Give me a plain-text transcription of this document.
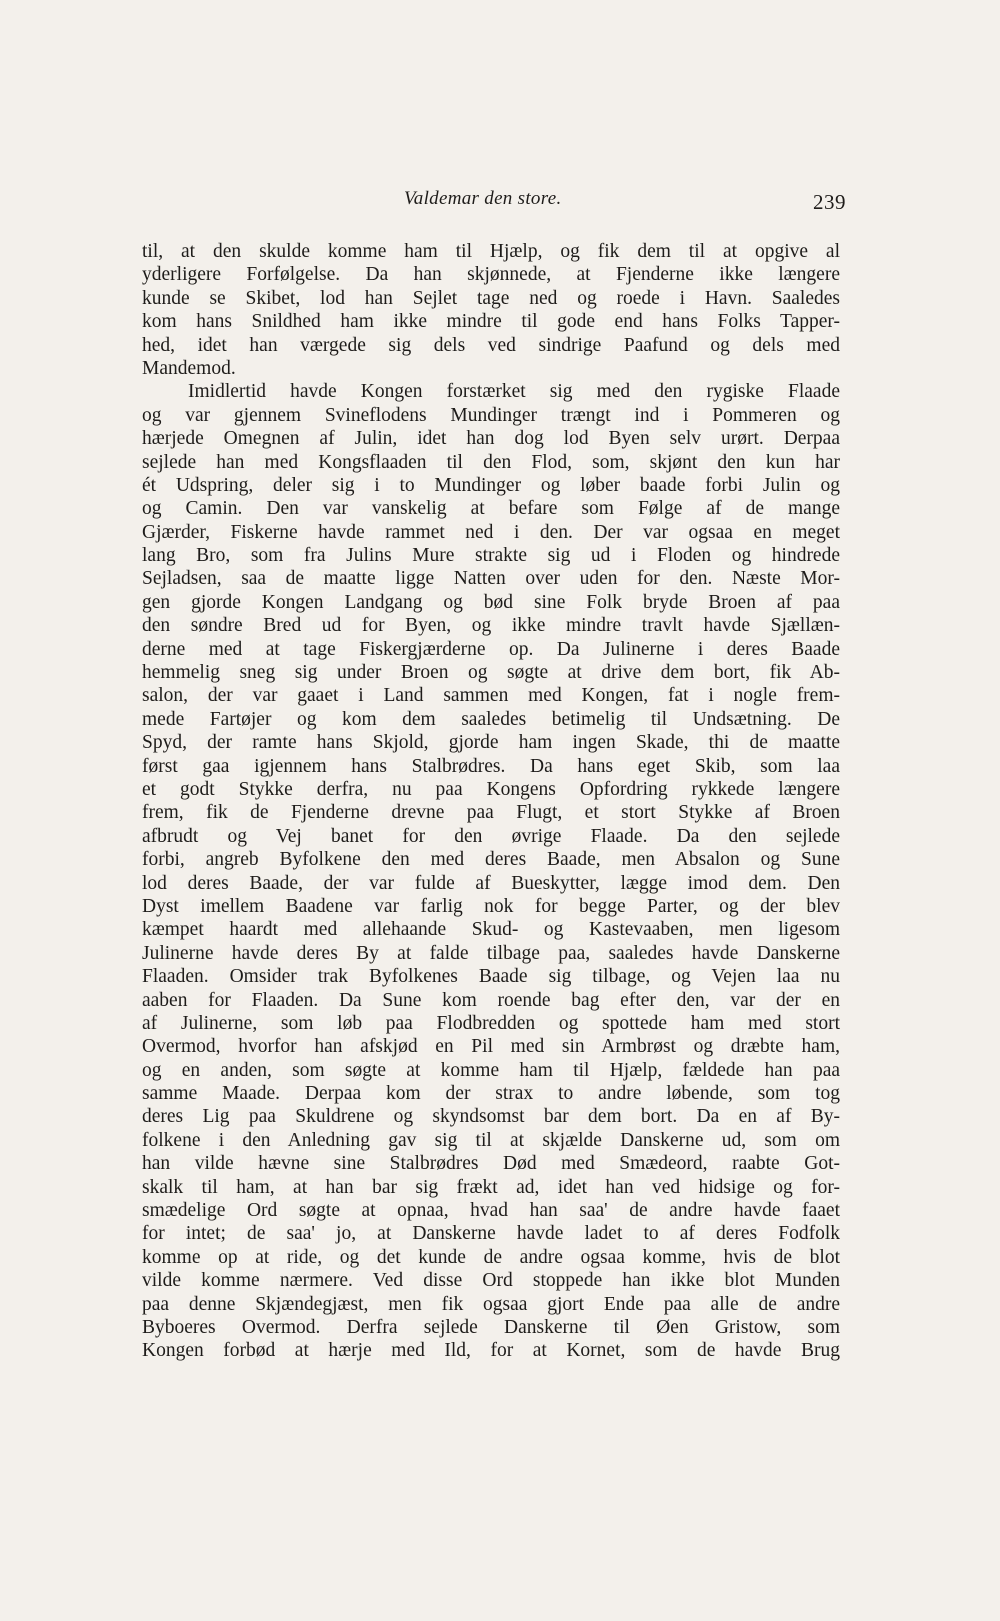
Valdemar den store.	239
til, at den skulde komme ham til Hjælp, og fik dem til at opgive al
yderligere Forfølgelse. Da han skjønnede, at Fjenderne ikke længere
kunde se Skibet, lod han Sejlet tage ned og roede i Havn. Saaledes
kom hans Snildhed ham ikke mindre til gode end hans Folks Tapper-
hed, idet han værgede sig dels ved sindrige Paafund og dels med
Mandemod.
Imidlertid havde Kongen forstærket sig med den rygiske Flaade
og var gjennem Svineflodens Mundinger trængt ind i Pommeren og
hærjede Omegnen af Julin, idet han dog lod Byen selv urørt. Derpaa
sejlede han med Kongsflaaden til den Flod, som, skjønt den kun har
ét Udspring, deler sig i to Mundinger og løber baade forbi Julin og
og Camin. Den var vanskelig at befare som Følge af de mange
Gjærder, Fiskerne havde rammet ned i den. Der var ogsaa en meget
lang Bro, som fra Julins Mure strakte sig ud i Floden og hindrede
Sejladsen, saa de maatte ligge Natten over uden for den. Næste Mor-
gen gjorde Kongen Landgang og bød sine Folk bryde Broen af paa
den søndre Bred ud for Byen, og ikke mindre travlt havde Sjællæn-
derne med at tage Fiskergjærderne op. Da Julinerne i deres Baade
hemmelig sneg sig under Broen og søgte at drive dem bort, fik Ab-
salon, der var gaaet i Land sammen med Kongen, fat i nogle frem-
mede Fartøjer og kom dem saaledes betimelig til Undsætning. De
Spyd, der ramte hans Skjold, gjorde ham ingen Skade, thi de maatte
først gaa igjennem hans Stalbrødres. Da hans eget Skib, som laa
et godt Stykke derfra, nu paa Kongens Opfordring rykkede længere
frem, fik de Fjenderne drevne paa Flugt, et stort Stykke af Broen
afbrudt og Vej banet for den øvrige Flaade. Da den sejlede
forbi, angreb Byfolkene den med deres Baade, men Absalon og Sune
lod deres Baade, der var fulde af Bueskytter, lægge imod dem. Den
Dyst imellem Baadene var farlig nok for begge Parter, og der blev
kæmpet haardt med allehaande Skud- og Kastevaaben, men ligesom
Julinerne havde deres By at falde tilbage paa, saaledes havde Danskerne
Flaaden. Omsider trak Byfolkenes Baade sig tilbage, og Vejen laa nu
aaben for Flaaden. Da Sune kom roende bag efter den, var der en
af Julinerne, som løb paa Flodbredden og spottede ham med stort
Overmod, hvorfor han afskjød en Pil med sin Armbrøst og dræbte ham,
og en anden, som søgte at komme ham til Hjælp, fældede han paa
samme Maade. Derpaa kom der strax to andre løbende, som tog
deres Lig paa Skuldrene og skyndsomst bar dem bort. Da en af By-
folkene i den Anledning gav sig til at skjælde Danskerne ud, som om
han vilde hævne sine Stalbrødres Død med Smædeord, raabte Got-
skalk til ham, at han bar sig frækt ad, idet han ved hidsige og for-
smædelige Ord søgte at opnaa, hvad han saa' de andre havde faaet
for intet; de saa' jo, at Danskerne havde ladet to af deres Fodfolk
komme op at ride, og det kunde de andre ogsaa komme, hvis de blot
vilde komme nærmere. Ved disse Ord stoppede han ikke blot Munden
paa denne Skjændegjæst, men fik ogsaa gjort Ende paa alle de andre
Byboeres Overmod. Derfra sejlede Danskerne til Øen Gristow, som
Kongen forbød at hærje med Ild, for at Kornet, som de havde Brug
